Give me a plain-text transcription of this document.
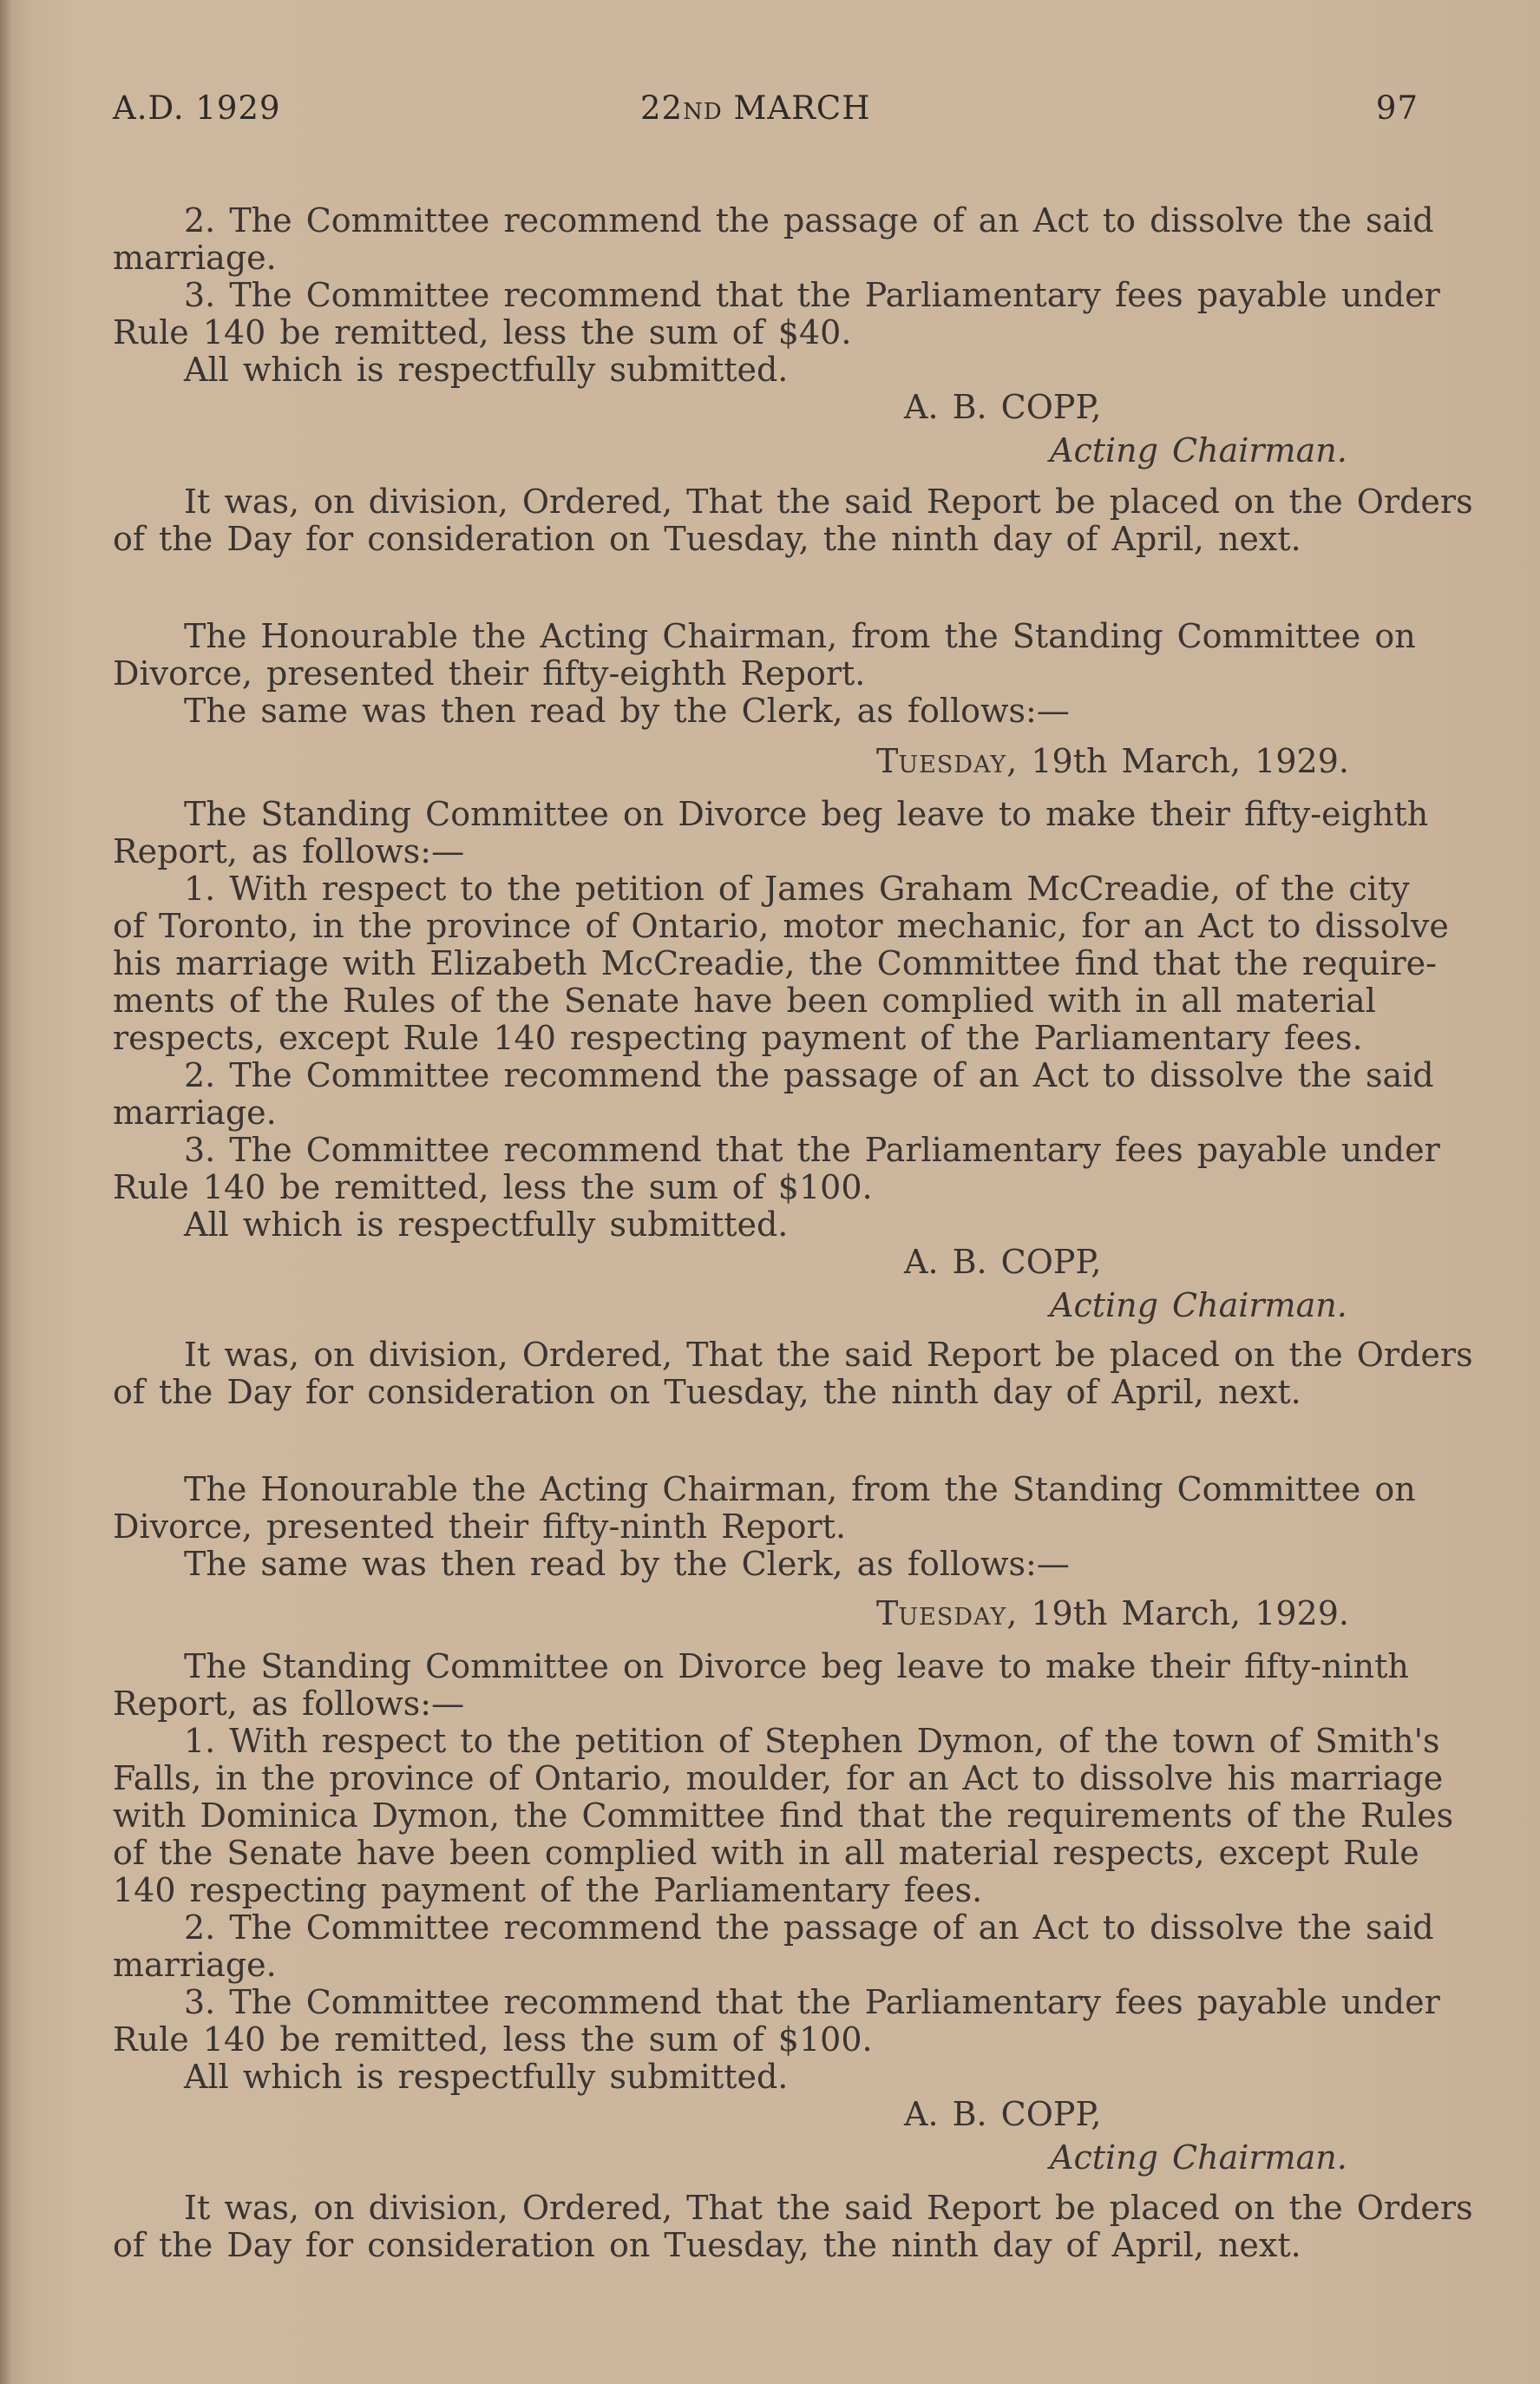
A.D. 1929	22ND MARCH	97
2. The Committee recommend the passage of an Act to dissolve the said
marriage.
3. The Committee recommend that the Parliamentary fees payable under
Rule 140 be remitted, less the sum of $40.
All which is respectfully submitted.
A. B. COPP,
Acting Chairman.
It was, on division, Ordered, That the said Report be placed on the Orders
of the Day for consideration on Tuesday, the ninth day of April, next.
The Honourable the Acting Chairman, from the Standing Committee on
Divorce, presented their fifty-eighth Report.
The same was then read by the Clerk, as follows:—
TUESDAY, 19th March, 1929.
The Standing Committee on Divorce beg leave to make their fifty-eighth
Report, as follows:—
1. With respect to the petition of James Graham McCreadie, of the city
of Toronto, in the province of Ontario, motor mechanic, for an Act to dissolve
his marriage with Elizabeth McCreadie, the Committee find that the require-
ments of the Rules of the Senate have been complied with in all material
respects, except Rule 140 respecting payment of the Parliamentary fees.
2. The Committee recommend the passage of an Act to dissolve the said
marriage.
3. The Committee recommend that the Parliamentary fees payable under
Rule 140 be remitted, less the sum of $100.
All which is respectfully submitted.
A. B. COPP,
Acting Chairman.
It was, on division, Ordered, That the said Report be placed on the Orders
of the Day for consideration on Tuesday, the ninth day of April, next.
The Honourable the Acting Chairman, from the Standing Committee on
Divorce, presented their fifty-ninth Report.
The same was then read by the Clerk, as follows:—
TUESDAY, 19th March, 1929.
The Standing Committee on Divorce beg leave to make their fifty-ninth
Report, as follows:—
1. With respect to the petition of Stephen Dymon, of the town of Smith's
Falls, in the province of Ontario, moulder, for an Act to dissolve his marriage
with Dominica Dymon, the Committee find that the requirements of the Rules
of the Senate have been complied with in all material respects, except Rule
140 respecting payment of the Parliamentary fees.
2. The Committee recommend the passage of an Act to dissolve the said
marriage.
3. The Committee recommend that the Parliamentary fees payable under
Rule 140 be remitted, less the sum of $100.
All which is respectfully submitted.
A. B. COPP,
Acting Chairman.
It was, on division, Ordered, That the said Report be placed on the Orders
of the Day for consideration on Tuesday, the ninth day of April, next.
